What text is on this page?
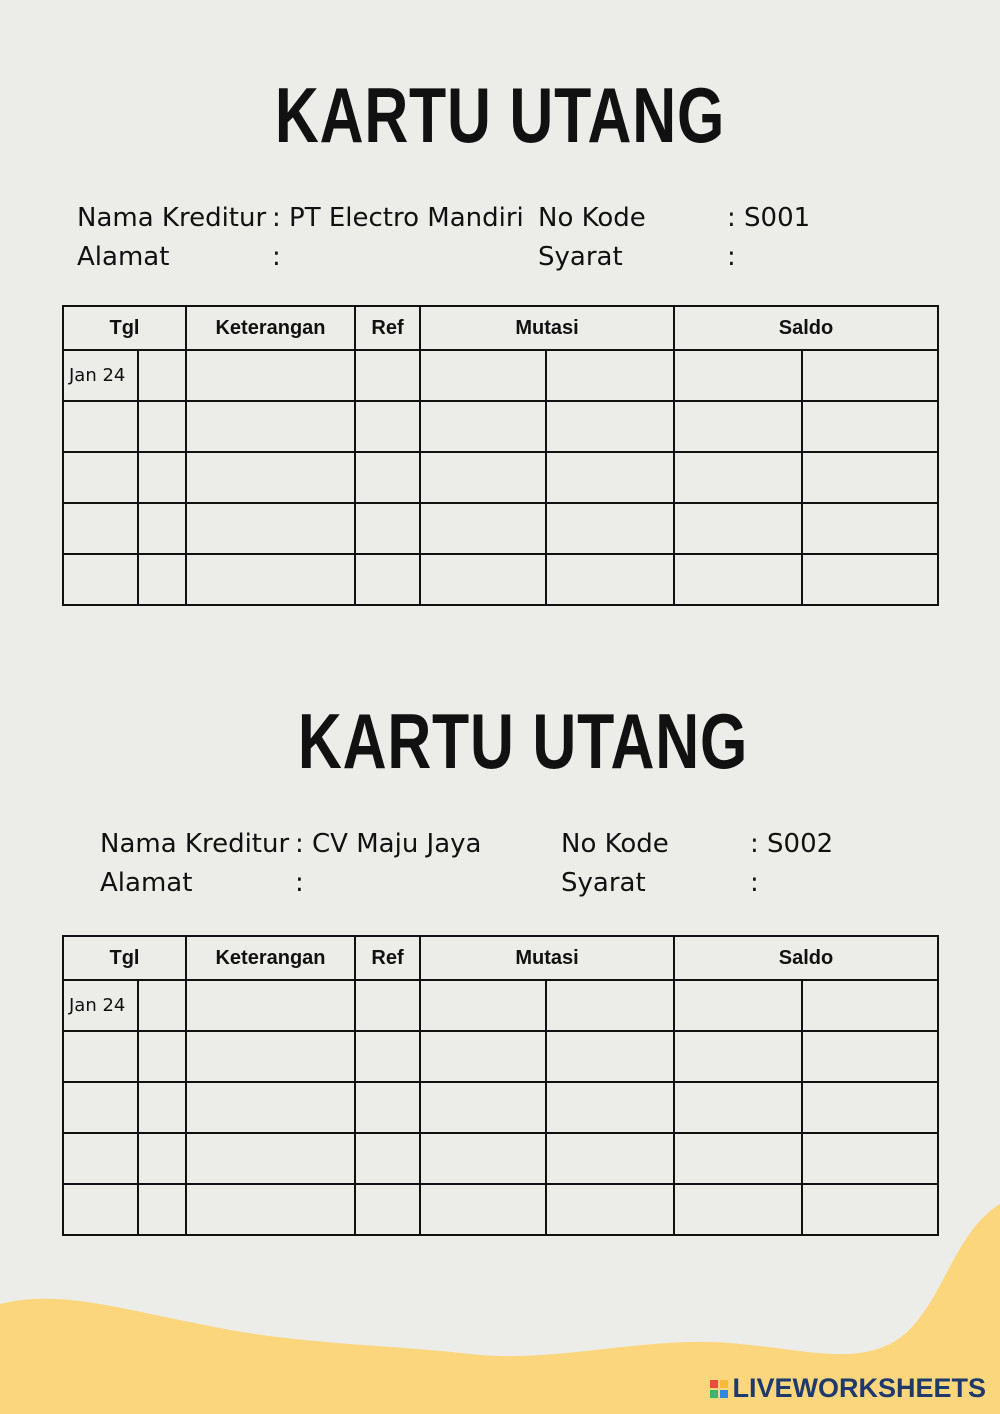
KARTU UTANG
Nama Kreditur : PT Electro Mandiri
Alamat	:
No Kode	: S001
Syarat	:
Tgl		Keterangan	Ref	Mutasi		Saldo	
Jan 24							

KARTU UTANG
Nama Kreditur : CV Maju Jaya
Alamat	:
No Kode	: S002
Syarat	:
Tgl		Keterangan	Ref	Mutasi		Saldo	
Jan 24							

LIVEWORKSHEETS
